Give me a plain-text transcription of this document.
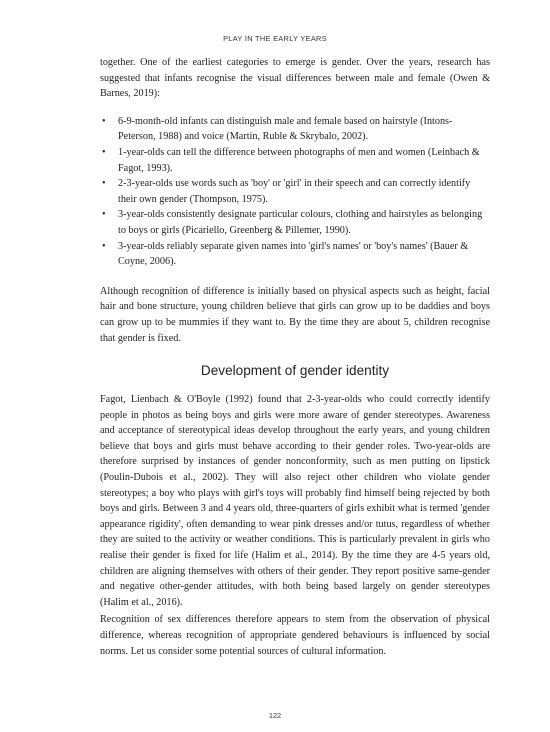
PLAY IN THE EARLY YEARS

together. One of the earliest categories to emerge is gender. Over the years, research has suggested that infants recognise the visual differences between male and female (Owen & Barnes, 2019):

• 6-9-month-old infants can distinguish male and female based on hairstyle (Intons-Peterson, 1988) and voice (Martin, Ruble & Skrybalo, 2002).
• 1-year-olds can tell the difference between photographs of men and women (Leinbach & Fagot, 1993).
• 2-3-year-olds use words such as 'boy' or 'girl' in their speech and can correctly identify their own gender (Thompson, 1975).
• 3-year-olds consistently designate particular colours, clothing and hairstyles as belonging to boys or girls (Picariello, Greenberg & Pillemer, 1990).
• 3-year-olds reliably separate given names into 'girl's names' or 'boy's names' (Bauer & Coyne, 2006).

Although recognition of difference is initially based on physical aspects such as height, facial hair and bone structure, young children believe that girls can grow up to be daddies and boys can grow up to be mummies if they want to. By the time they are about 5, children recognise that gender is fixed.

Development of gender identity

Fagot, Lienbach & O'Boyle (1992) found that 2-3-year-olds who could correctly identify people in photos as being boys and girls were more aware of gender stereotypes. Awareness and acceptance of stereotypical ideas develop throughout the early years, and young children believe that boys and girls must behave according to their gender roles. Two-year-olds are therefore surprised by instances of gender nonconformity, such as men putting on lipstick (Poulin-Dubois et al., 2002). They will also reject other children who violate gender stereotypes; a boy who plays with girl's toys will probably find himself being rejected by both boys and girls. Between 3 and 4 years old, three-quarters of girls exhibit what is termed 'gender appearance rigidity', often demanding to wear pink dresses and/or tutus, regardless of whether they are suited to the activity or weather conditions. This is particularly prevalent in girls who realise their gender is fixed for life (Halim et al., 2014). By the time they are 4-5 years old, children are aligning themselves with others of their gender. They report positive same-gender and negative other-gender attitudes, with both being based largely on gender stereotypes (Halim et al., 2016).

Recognition of sex differences therefore appears to stem from the observation of physical difference, whereas recognition of appropriate gendered behaviours is influenced by social norms. Let us consider some potential sources of cultural information.

122
